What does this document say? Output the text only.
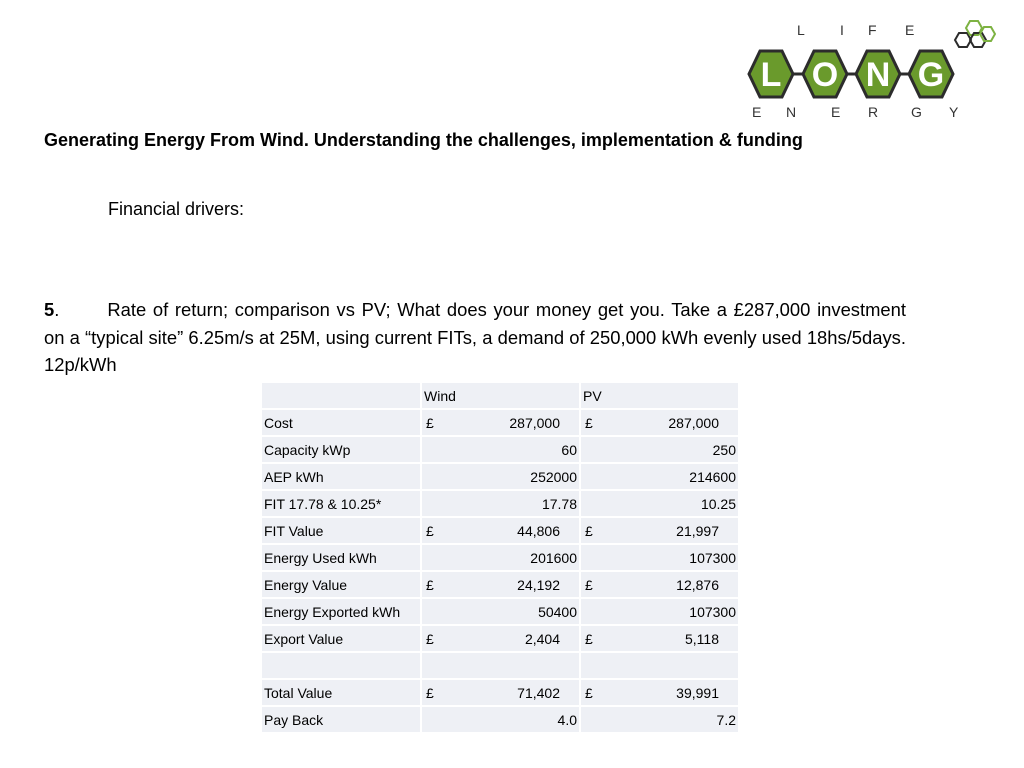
L	I F E
L O N G
E N E R G Y
Generating Energy From Wind. Understanding the challenges, implementation & funding
Financial drivers:
5.	Rate of return; comparison vs PV; What does your money get you. Take a £287,000 investment on a “typical site” 6.25m/s at 25M, using current FITs, a demand of 250,000 kWh evenly used 18hs/5days. 12p/kWh
	Wind	PV
Cost	£ 287,000	£ 287,000
Capacity kWp	60	250
AEP kWh	252000	214600
FIT 17.78 & 10.25*	17.78	10.25
FIT Value	£ 44,806	£ 21,997
Energy Used kWh	201600	107300
Energy Value	£ 24,192	£ 12,876
Energy Exported kWh	50400	107300
Export Value	£ 2,404	£ 5,118

Total Value	£ 71,402	£ 39,991
Pay Back	4.0	7.2
